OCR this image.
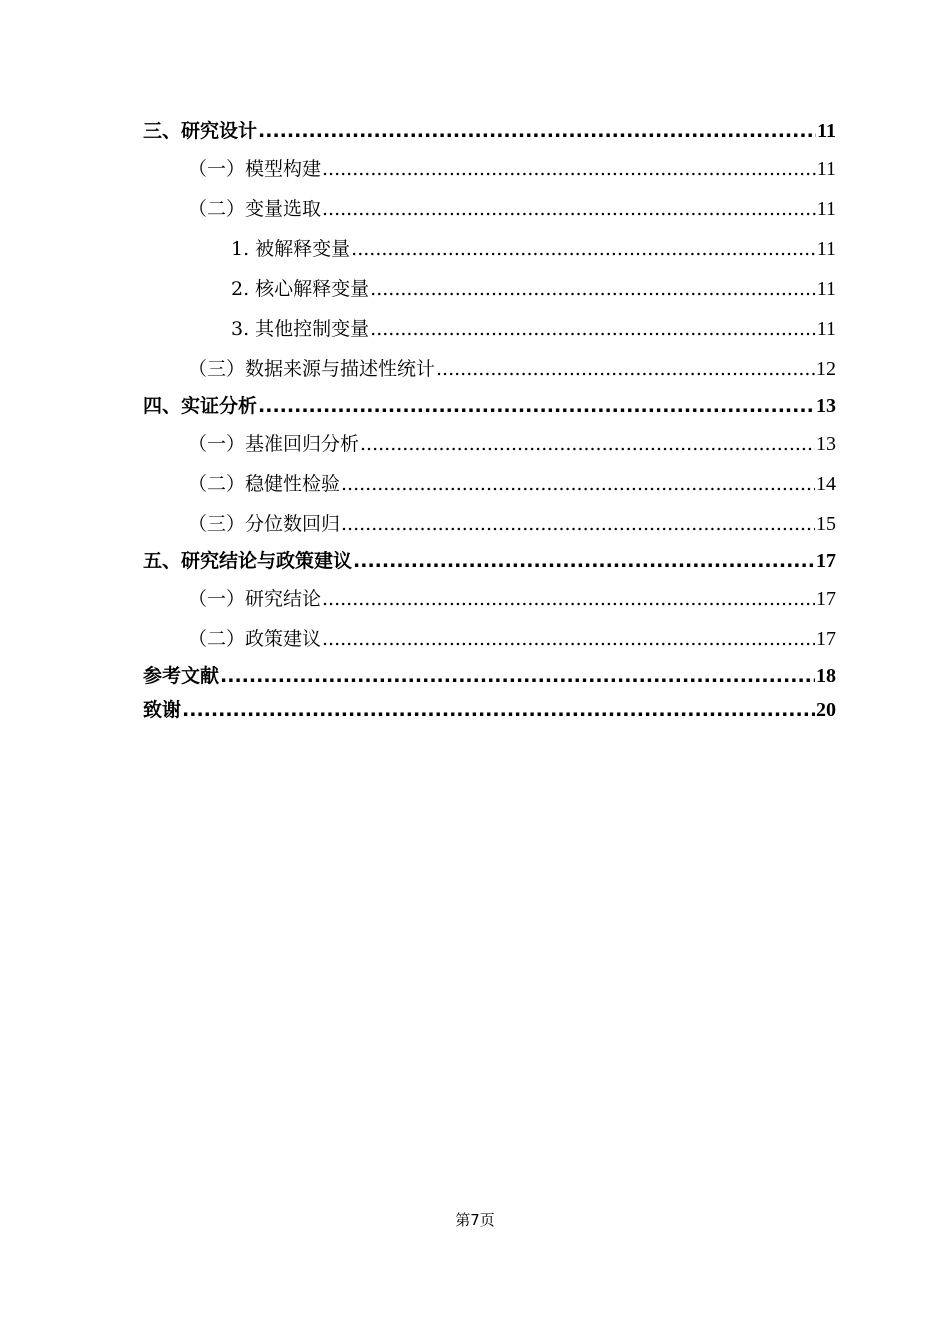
三、研究设计 .....	11
（一）模型构建 .....	11
（二）变量选取 .....	11
1. 被解释变量 .....	11
2. 核心解释变量 .....	11
3. 其他控制变量 .....	11
（三）数据来源与描述性统计 .....	12
四、实证分析 .....	13
（一）基准回归分析 .....	13
（二）稳健性检验 .....	14
（三）分位数回归 .....	15
五、研究结论与政策建议 .....	17
（一）研究结论 .....	17
（二）政策建议 .....	17
参考文献 .....	18
致谢 .....	20
第7页
